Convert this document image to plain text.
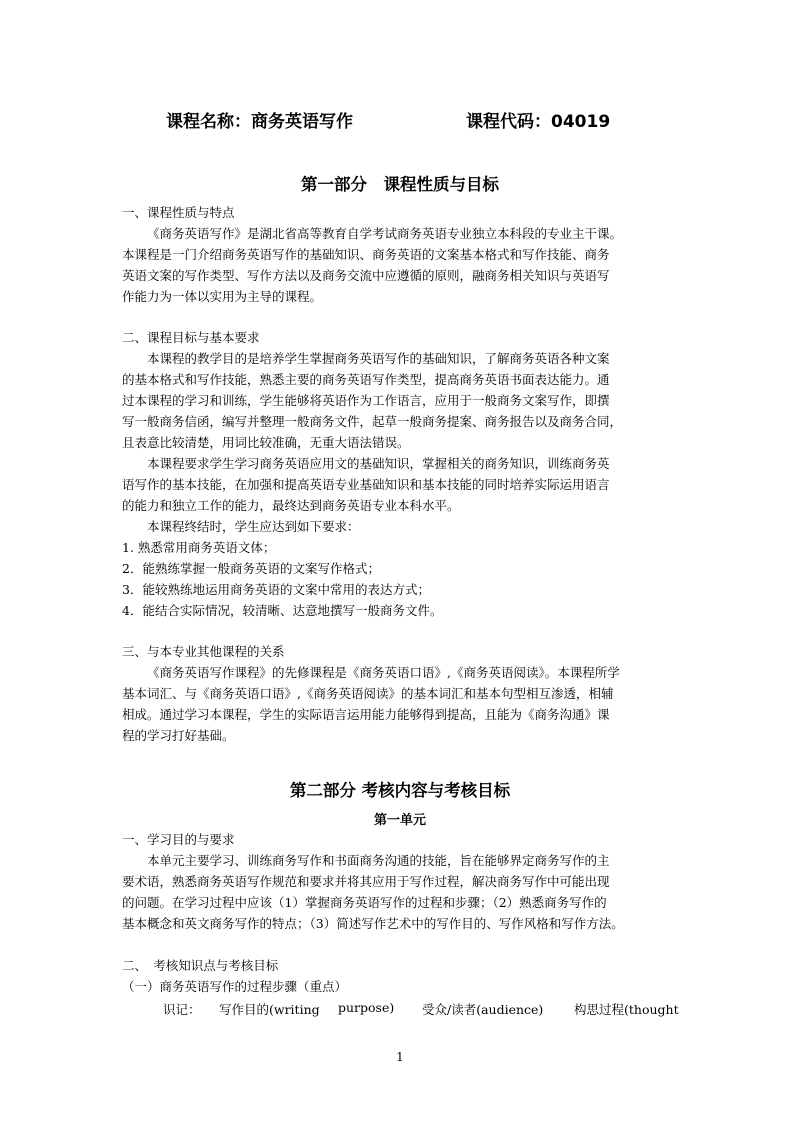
课程名称：商务英语写作	课程代码：04019
第一部分　课程性质与目标
一、课程性质与特点
《商务英语写作》是湖北省高等教育自学考试商务英语专业独立本科段的专业主干课。
本课程是一门介绍商务英语写作的基础知识、商务英语的文案基本格式和写作技能、商务
英语文案的写作类型、写作方法以及商务交流中应遵循的原则，融商务相关知识与英语写
作能力为一体以实用为主导的课程。
二、课程目标与基本要求
本课程的教学目的是培养学生掌握商务英语写作的基础知识，了解商务英语各种文案
的基本格式和写作技能，熟悉主要的商务英语写作类型，提高商务英语书面表达能力。通
过本课程的学习和训练，学生能够将英语作为工作语言，应用于一般商务文案写作，即撰
写一般商务信函，编写并整理一般商务文件，起草一般商务提案、商务报告以及商务合同，
且表意比较清楚，用词比较准确，无重大语法错误。
本课程要求学生学习商务英语应用文的基础知识，掌握相关的商务知识，训练商务英
语写作的基本技能，在加强和提高英语专业基础知识和基本技能的同时培养实际运用语言
的能力和独立工作的能力，最终达到商务英语专业本科水平。
本课程终结时，学生应达到如下要求：
1. 熟悉常用商务英语文体；
2．能熟练掌握一般商务英语的文案写作格式；
3．能较熟练地运用商务英语的文案中常用的表达方式；
4．能结合实际情况，较清晰、达意地撰写一般商务文件。
三、与本专业其他课程的关系
《商务英语写作课程》的先修课程是《商务英语口语》,《商务英语阅读》。本课程所学
基本词汇、与《商务英语口语》,《商务英语阅读》的基本词汇和基本句型相互渗透，相辅
相成。通过学习本课程，学生的实际语言运用能力能够得到提高，且能为《商务沟通》课
程的学习打好基础。
第二部分 考核内容与考核目标
第一单元
一、学习目的与要求
本单元主要学习、训练商务写作和书面商务沟通的技能，旨在能够界定商务写作的主
要术语，熟悉商务英语写作规范和要求并将其应用于写作过程，解决商务写作中可能出现
的问题。在学习过程中应该（1）掌握商务英语写作的过程和步骤；（2）熟悉商务写作的
基本概念和英文商务写作的特点；（3）简述写作艺术中的写作目的、写作风格和写作方法。
二、　考核知识点与考核目标
（一）商务英语写作的过程步骤（重点）
识记： 写作目的(writing purpose) 受众/读者(audience) 构思过程(thought
1
